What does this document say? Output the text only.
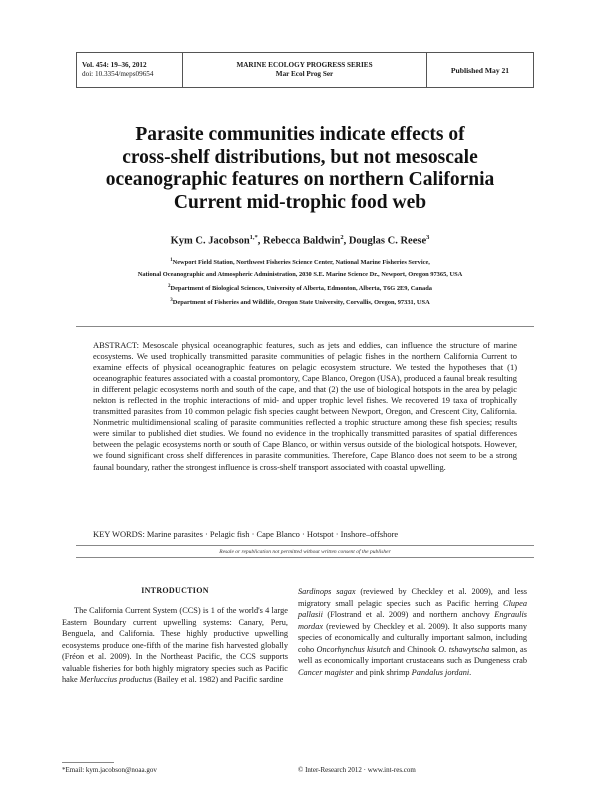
Vol. 454: 19–36, 2012
doi: 10.3354/meps09654
MARINE ECOLOGY PROGRESS SERIES
Mar Ecol Prog Ser	Published May 21
Parasite communities indicate effects of
cross-shelf distributions, but not mesoscale
oceanographic features on northern California
Current mid-trophic food web
Kym C. Jacobson$^{1,*}$, Rebecca Baldwin$^2$, Douglas C. Reese$^3$
$^1$Newport Field Station, Northwest Fisheries Science Center, National Marine Fisheries Service,
National Oceanographic and Atmospheric Administration, 2030 S.E. Marine Science Dr., Newport, Oregon 97365, USA
$^2$Department of Biological Sciences, University of Alberta, Edmonton, Alberta, T6G 2E9, Canada
$^3$Department of Fisheries and Wildlife, Oregon State University, Corvallis, Oregon, 97331, USA
ABSTRACT: Mesoscale physical oceanographic features, such as jets and eddies, can influence the structure of marine ecosystems. We used trophically transmitted parasite communities of pelagic fishes in the northern California Current to examine effects of physical oceanographic features on pelagic ecosystem structure. We tested the hypotheses that (1) oceanographic features associated with a coastal promontory, Cape Blanco, Oregon (USA), produced a faunal break resulting in different pelagic ecosystems north and south of the cape, and that (2) the use of biological hotspots in the area by pelagic nekton is reflected in the trophic interactions of mid- and upper trophic level fishes. We recovered 19 taxa of trophically transmitted parasites from 10 common pelagic fish species caught between Newport, Oregon, and Crescent City, California. Nonmetric multidimensional scaling of parasite communities reflected a trophic structure among these fish species; results were similar to published diet studies. We found no evidence in the trophically transmitted parasites of spatial differences between the pelagic ecosystems north or south of Cape Blanco, or within versus outside of the biological hotspots. However, we found significant cross shelf differences in parasite communities. Therefore, Cape Blanco does not seem to be a strong faunal boundary, rather the strongest influence is cross-shelf transport associated with coastal upwelling.
KEY WORDS: Marine parasites · Pelagic fish · Cape Blanco · Hotspot · Inshore–offshore
Resale or republication not permitted without written consent of the publisher
INTRODUCTION

The California Current System (CCS) is 1 of the world's 4 large Eastern Boundary current upwelling systems: Canary, Peru, Benguela, and California. These highly productive upwelling ecosystems produce one-fifth of the marine fish harvested globally (Fréon et al. 2009). In the Northeast Pacific, the CCS supports valuable fisheries for both highly migratory species such as Pacific hake Merluccius productus (Bailey et al. 1982) and Pacific sardine

Sardinops sagax (reviewed by Checkley et al. 2009), and less migratory small pelagic species such as Pacific herring Clupea pallasii (Flostrand et al. 2009) and northern anchovy Engraulis mordax (reviewed by Checkley et al. 2009). It also supports many species of economically and culturally important salmon, including coho Oncorhynchus kisutch and Chinook O. tshawytscha salmon, as well as economically important crustaceans such as Dungeness crab Cancer magister and pink shrimp Pandalus jordani.

*Email: kym.jacobson@noaa.gov	© Inter-Research 2012 · www.int-res.com
